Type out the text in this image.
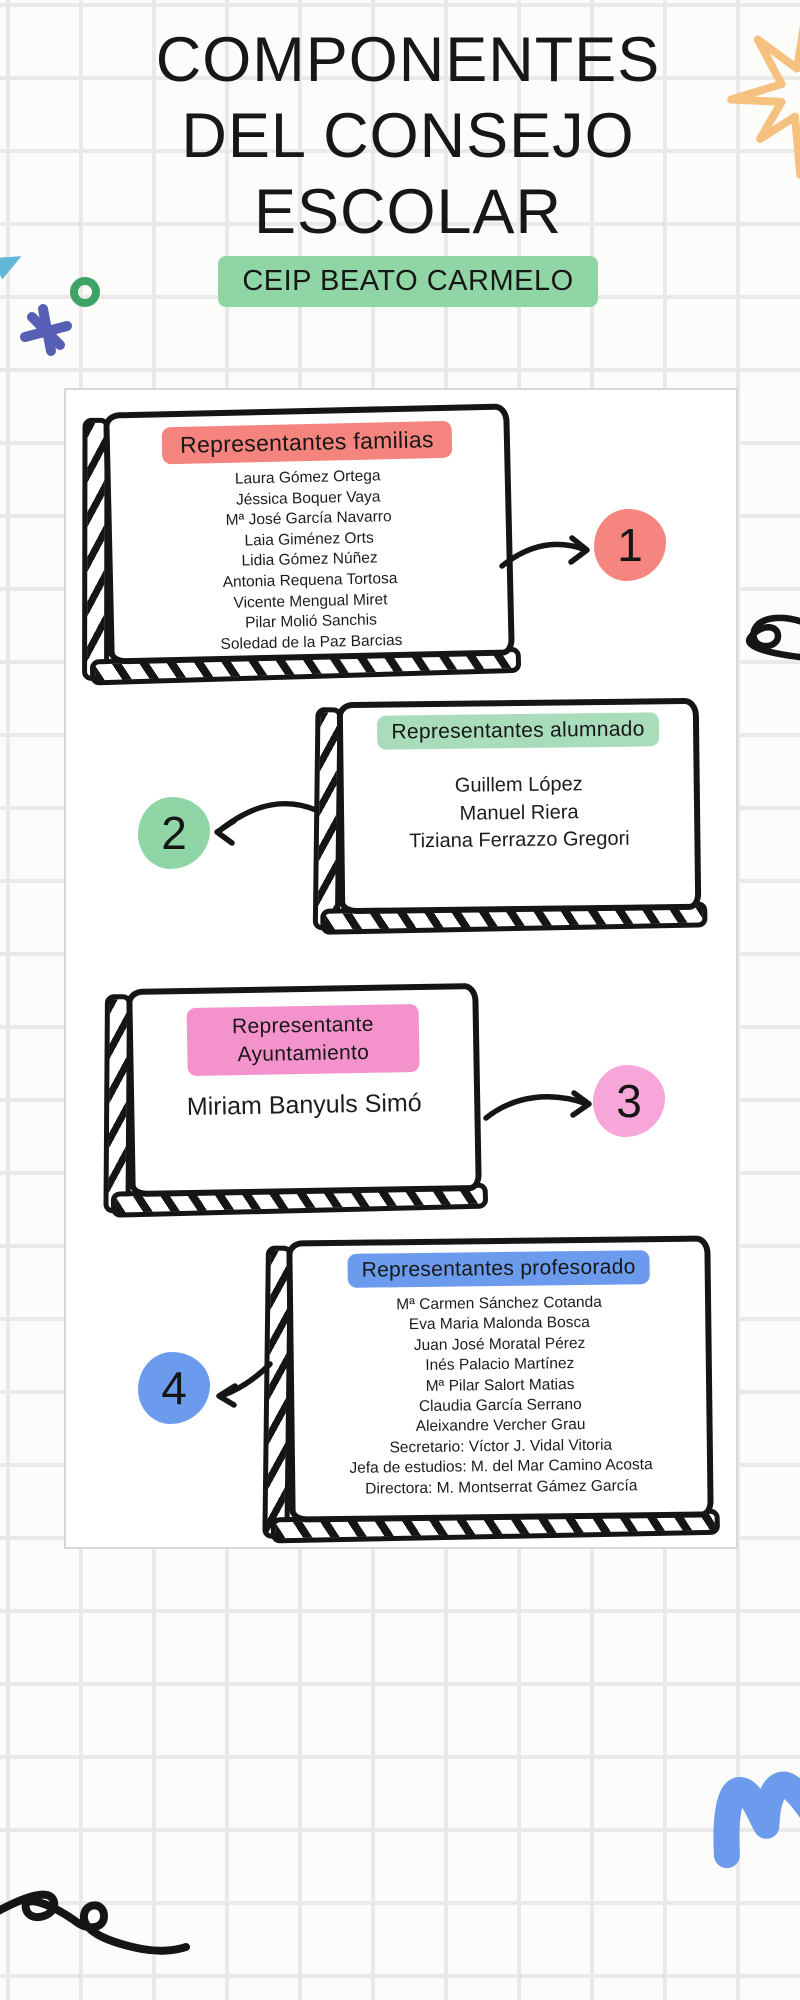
COMPONENTES
DEL CONSEJO
ESCOLAR
CEIP BEATO CARMELO
Representantes familias
Laura Gómez Ortega
Jéssica Boquer Vaya
Mª José García Navarro
Laia Giménez Orts
Lidia Gómez Núñez
Antonia Requena Tortosa
Vicente Mengual Miret
Pilar Molió Sanchis
Soledad de la Paz Barcias
Representantes alumnado
Guillem López
Manuel Riera
Tiziana Ferrazzo Gregori
Representante Ayuntamiento
Miriam Banyuls Simó
Representantes profesorado
Mª Carmen Sánchez Cotanda
Eva Maria Malonda Bosca
Juan José Moratal Pérez
Inés Palacio Martínez
Mª Pilar Salort Matias
Claudia García Serrano
Aleixandre Vercher Grau
Secretario: Víctor J. Vidal Vitoria
Jefa de estudios: M. del Mar Camino Acosta
Directora: M. Montserrat Gámez García
1
2
3
4
